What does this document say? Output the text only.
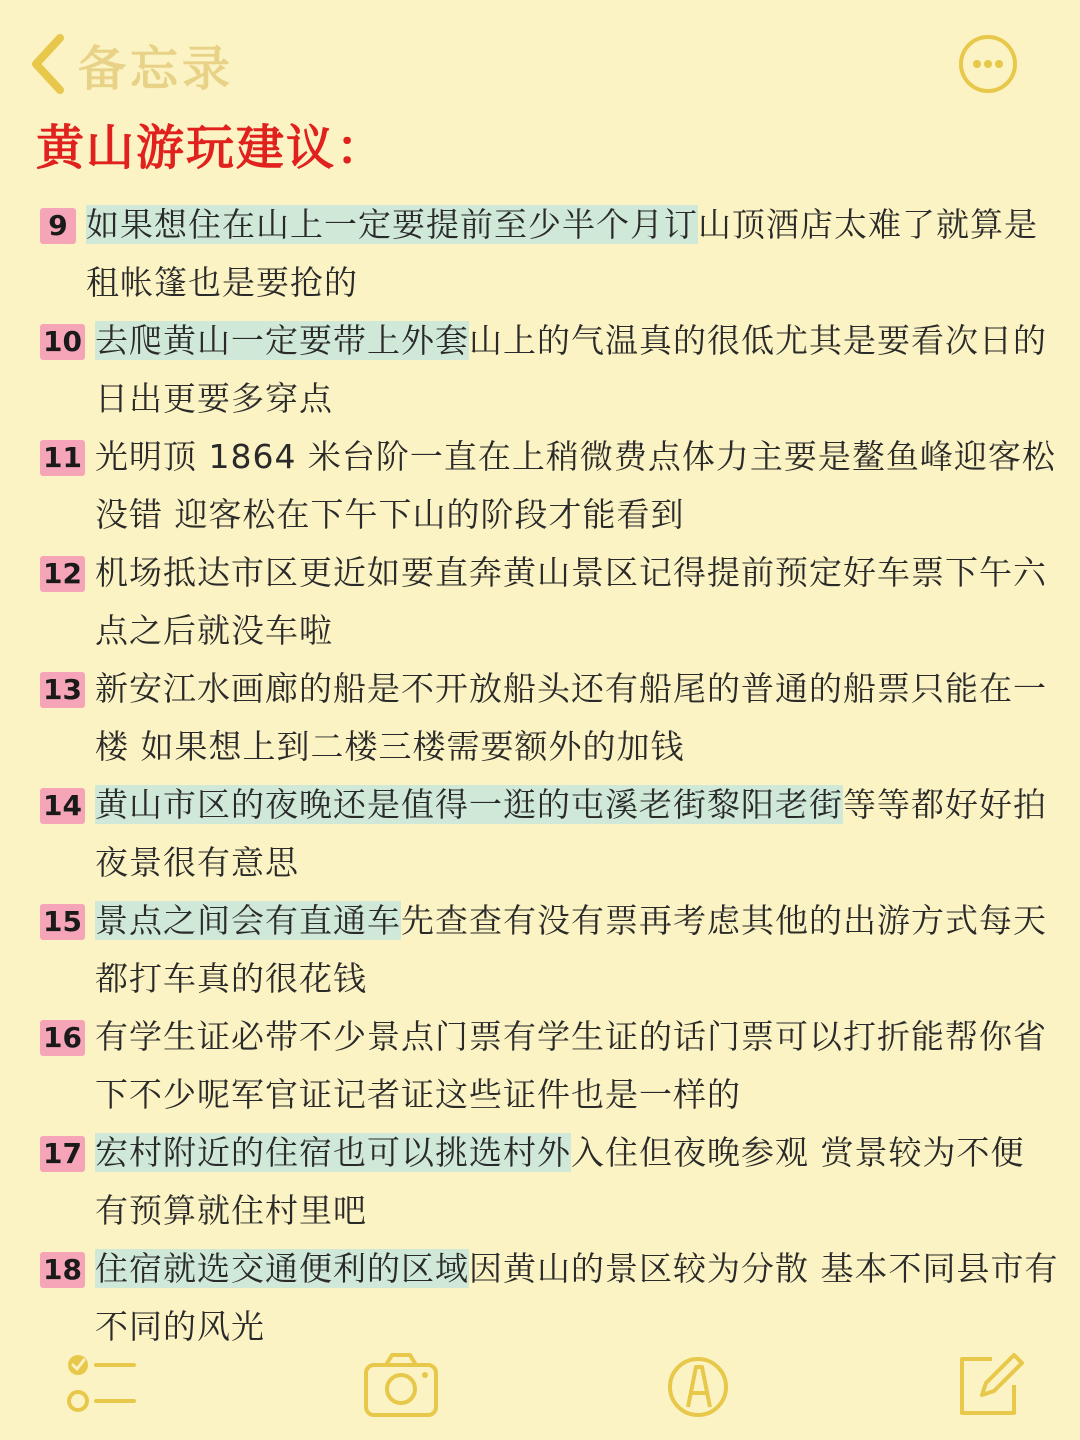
备忘录
黄山游玩建议：
9 如果想住在山上一定要提前至少半个月订山顶酒店太难了就算是租帐篷也是要抢的
10 去爬黄山一定要带上外套山上的气温真的很低尤其是要看次日的日出更要多穿点
11 光明顶 1864 米台阶一直在上稍微费点体力主要是鳌鱼峰迎客松 没错 迎客松在下午下山的阶段才能看到
12 机场抵达市区更近如要直奔黄山景区记得提前预定好车票下午六点之后就没车啦
13 新安江水画廊的船是不开放船头还有船尾的普通的船票只能在一楼 如果想上到二楼三楼需要额外的加钱
14 黄山市区的夜晚还是值得一逛的屯溪老街黎阳老街等等都好好拍 夜景很有意思
15 景点之间会有直通车先查查有没有票再考虑其他的出游方式每天都打车真的很花钱
16 有学生证必带不少景点门票有学生证的话门票可以打折能帮你省下不少呢军官证记者证这些证件也是一样的
17 宏村附近的住宿也可以挑选村外入住但夜晚参观 赏景较为不便 有预算就住村里吧
18 住宿就选交通便利的区域因黄山的景区较为分散 基本不同县市有不同的风光
